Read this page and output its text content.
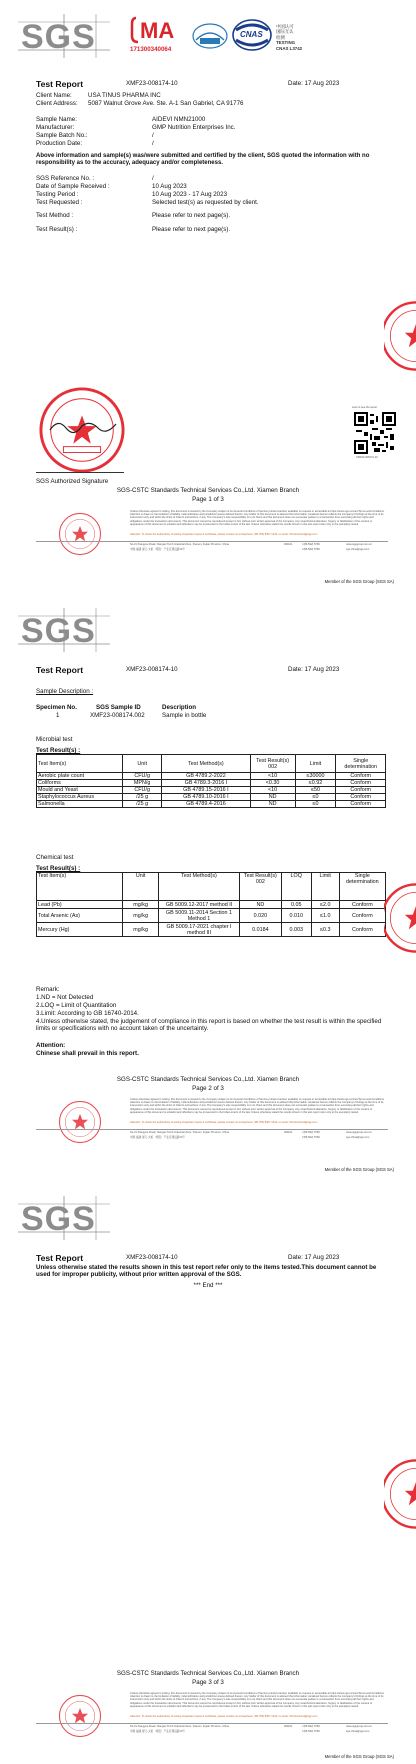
MA
171300340064
CNAS
中国认可
国际互认
检测
TESTING
CNAS L3742
Test Report	XMF23-008174-10	Date: 17 Aug 2023
Client Name:	USA TINUS PHARMA INC
Client Address: 5087 Walnut Grove Ave. Ste. A-1 San Gabriel, CA 91776
Sample Name:	AIDEVI NMN21000
Manufacturer:	GMP Nutrition Enterprises Inc.
Sample Batch No.:	/
Production Date:	/
Above information and sample(s) was/were submitted and certified by the client, SGS quoted the information with no responsibility as to the accuracy, adequacy and/or completeness.
SGS Reference No. :	/
Date of Sample Received :	10 Aug 2023
Testing Period :	10 Aug 2023 - 17 Aug 2023
Test Requested :	Selected test(s) as requested by client.
Test Method :	Please refer to next page(s).
Test Result(s) :	Please refer to next page(s).
scan to see the report
XMF23-008174-10
SGS Authorized Signature
SGS-CSTC Standards Technical Services Co.,Ltd. Xiamen Branch
Page 1 of 3
Unless otherwise agreed in writing, this document is issued by the Company subject to its General Conditions of Service printed overleaf, available on request or accessible at https://www.sgs.com/en/Terms-and-Conditions. Attention is drawn to the limitation of liability, indemnification and jurisdiction issues defined therein. Any holder of this document is advised that information contained hereon reflects the Company's findings at the time of its intervention only and within the limits of Client's instructions, if any. The Company's sole responsibility is to its Client and this document does not exonerate parties to a transaction from exercising all their rights and obligations under the transaction documents. This document cannot be reproduced except in full, without prior written approval of the Company. Any unauthorized alteration, forgery or falsification of the content or appearance of this document is unlawful and offenders may be prosecuted to the fullest extent of the law. Unless otherwise stated the results shown in this test report refer only to the sample(s) tested.
Attention: To check the authenticity of testing /inspection report & certificate, please contact us at telephone: (86-755) 8307 1443, or email: CN.Doccheck@sgs.com
No.31 Xiangyue Road, Xiangan Torch Industrial Zone, Xiamen, Fujian Province, China
中国·福建·厦门·火炬（翔安）产业区翔岳路31号
361101	t (86-592) 5766
f (86-592) 5766
www.sgsgroup.com.cn
sgs.china@sgs.com
Member of the SGS Group (SGS SA)
Test Report	XMF23-008174-10	Date: 17 Aug 2023
Sample Description :
Specimen No.	SGS Sample ID	Description
1	XMF23-008174.002	Sample in bottle
Microbial test
Test Result(s) :
Test Item(s)	Unit	Test Method(s)	Test Result(s) 002	Limit	Single determination
Aerobic plate count	CFU/g	GB 4789.2-2022	<10	≤30000	Conform
Coliforms	MPN/g	GB 4789.3-2016 I	<0.30	≤0.92	Conform
Mould and Yeast	CFU/g	GB 4789.15-2016 I	<10	≤50	Conform
Staphylococcus Aureus	/25 g	GB 4789.10-2016 I	ND	≤0	Conform
Salmonella	/25 g	GB 4789.4-2016	ND	≤0	Conform
Chemical test
Test Result(s) :
Test Item(s)	Unit	Test Method(s)	Test Result(s) 002	LOQ	Limit	Single determination
Lead (Pb)	mg/kg	GB 5009.12-2017 method II	ND	0.05	≤2.0	Conform
Total Arsenic (As)	mg/kg	GB 5009.11-2014 Section 1 Method 1	0.020	0.010	≤1.0	Conform
Mercury (Hg)	mg/kg	GB 5009.17-2021 chapter I method III	0.0184	0.003	≤0.3	Conform
Remark:
1.ND = Not Detected
2.LOQ = Limit of Quantitation
3.Limit: According to GB 16740-2014.
4.Unless otherwise stated, the judgement of compliance in this report is based on whether the test result is within the specified limits or specifications with no account taken of the uncertainty.
Attention:
Chinese shall prevail in this report.
SGS-CSTC Standards Technical Services Co.,Ltd. Xiamen Branch
Page 2 of 3
Unless otherwise agreed in writing, this document is issued by the Company subject to its General Conditions of Service printed overleaf, available on request or accessible at https://www.sgs.com/en/Terms-and-Conditions. Attention is drawn to the limitation of liability, indemnification and jurisdiction issues defined therein. Any holder of this document is advised that information contained hereon reflects the Company's findings at the time of its intervention only and within the limits of Client's instructions, if any. The Company's sole responsibility is to its Client and this document does not exonerate parties to a transaction from exercising all their rights and obligations under the transaction documents. This document cannot be reproduced except in full, without prior written approval of the Company. Any unauthorized alteration, forgery or falsification of the content or appearance of this document is unlawful and offenders may be prosecuted to the fullest extent of the law. Unless otherwise stated the results shown in this test report refer only to the sample(s) tested.
Attention: To check the authenticity of testing /inspection report & certificate, please contact us at telephone: (86-755) 8307 1443, or email: CN.Doccheck@sgs.com
No.31 Xiangyue Road, Xiangan Torch Industrial Zone, Xiamen, Fujian Province, China
中国·福建·厦门·火炬（翔安）产业区翔岳路31号
361101	t (86-592) 5766
f (86-592) 5766
www.sgsgroup.com.cn
sgs.china@sgs.com
Member of the SGS Group (SGS SA)
Test Report	XMF23-008174-10	Date: 17 Aug 2023
Unless otherwise stated the results shown in this test report refer only to the items tested.This document cannot be used for improper publicity, without prior written approval of the SGS.
*** End ***
SGS-CSTC Standards Technical Services Co.,Ltd. Xiamen Branch
Page 3 of 3
Unless otherwise agreed in writing, this document is issued by the Company subject to its General Conditions of Service printed overleaf, available on request or accessible at https://www.sgs.com/en/Terms-and-Conditions. Attention is drawn to the limitation of liability, indemnification and jurisdiction issues defined therein. Any holder of this document is advised that information contained hereon reflects the Company's findings at the time of its intervention only and within the limits of Client's instructions, if any. The Company's sole responsibility is to its Client and this document does not exonerate parties to a transaction from exercising all their rights and obligations under the transaction documents. This document cannot be reproduced except in full, without prior written approval of the Company. Any unauthorized alteration, forgery or falsification of the content or appearance of this document is unlawful and offenders may be prosecuted to the fullest extent of the law. Unless otherwise stated the results shown in this test report refer only to the sample(s) tested.
Attention: To check the authenticity of testing /inspection report & certificate, please contact us at telephone: (86-755) 8307 1443, or email: CN.Doccheck@sgs.com
No.31 Xiangyue Road, Xiangan Torch Industrial Zone, Xiamen, Fujian Province, China
中国·福建·厦门·火炬（翔安）产业区翔岳路31号
361101	t (86-592) 5766
f (86-592) 5766
www.sgsgroup.com.cn
sgs.china@sgs.com
Member of the SGS Group (SGS SA)
